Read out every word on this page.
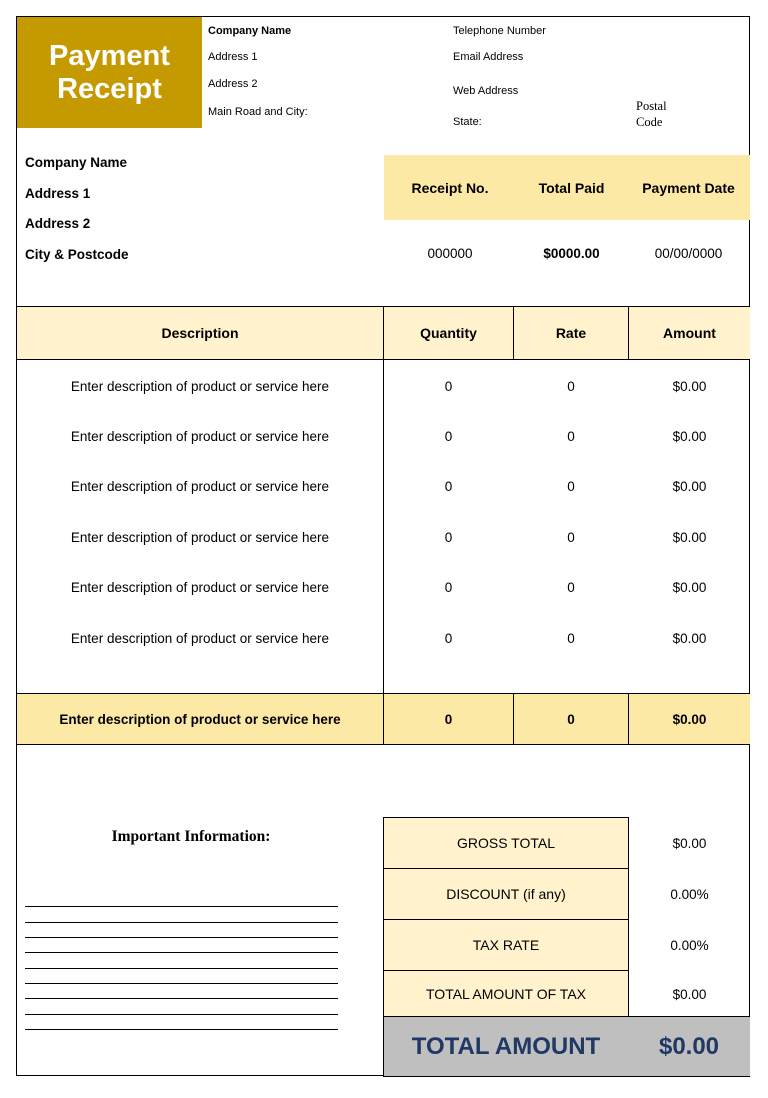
Payment
Receipt
Company Name
Address 1
Address 2
Main Road and City:
Telephone Number
Email Address
Web Address
State:
Postal
Code
Company Name
Address 1
Address 2
City & Postcode
Receipt No.	Total Paid	Payment Date
000000	$0000.00	00/00/0000
Description	Quantity	Rate	Amount
Enter description of product or service here	0	0	$0.00
Enter description of product or service here	0	0	$0.00
Enter description of product or service here	0	0	$0.00
Enter description of product or service here	0	0	$0.00
Enter description of product or service here	0	0	$0.00
Enter description of product or service here	0	0	$0.00
Enter description of product or service here	0	0	$0.00
Important Information:	GROSS TOTAL	$0.00
DISCOUNT (if any)	0.00%
TAX RATE	0.00%
TOTAL AMOUNT OF TAX	$0.00
TOTAL AMOUNT	$0.00
